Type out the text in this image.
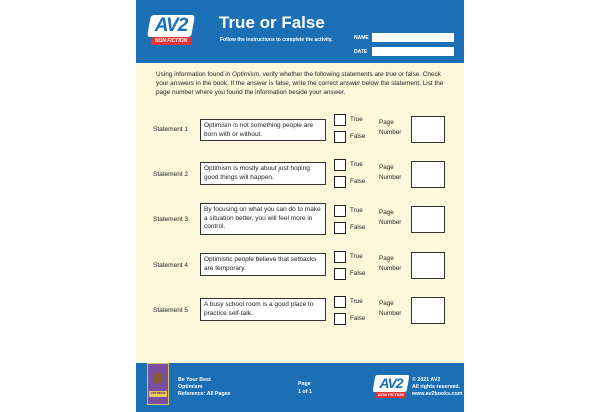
AV2
NON FICTION
True or False
Follow the instructions to complete the activity.	NAME
DATE
Using information found in Optimism, verify whether the following statements are true or false. Check your answers in the book. If the answer is false, write the correct answer below the statement. List the page number where you found the information beside your answer.
Statement 1
Optimism is not something people are born with or without.
True
False
Page Number
Statement 2
Optimism is mostly about just hoping good things will happen.
True
False
Page Number
Statement 3
By focusing on what you can do to make a situation better, you will feel more in control.
True
False
Page Number
Statement 4
Optimistic people believe that setbacks are temporary.
True
False
Page Number
Statement 5
A busy school room is a good place to practice self-talk.
True
False
Page Number
OPTIMISM
Be Your Best
Optimism
Reference: All Pages
Page
1 of 1
AV2
NON FICTION
© 2021 AV2
All rights reserved.
www.av2books.com
